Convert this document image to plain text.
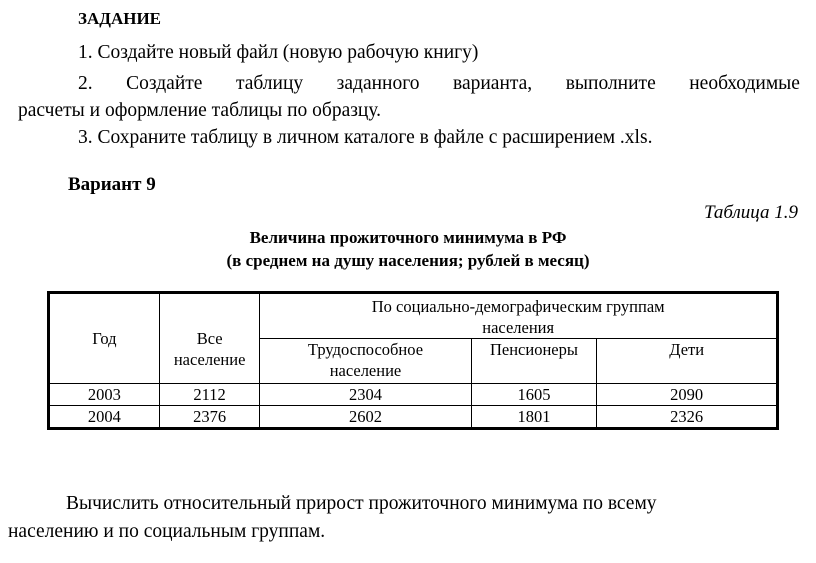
ЗАДАНИЕ
1. Создайте новый файл (новую рабочую книгу)
2. Создайте таблицу заданного варианта, выполните необходимые
расчеты и оформление таблицы по образцу.
3. Сохраните таблицу в личном каталоге в файле с расширением .xls.
Вариант 9
Таблица 1.9
Величина прожиточного минимума в РФ
(в среднем на душу населения; рублей в месяц)
Год	Все население	По социально-демографическим группам населения		
		Трудоспособное население	Пенсионеры	Дети
2003	2112	2304	1605	2090
2004	2376	2602	1801	2326
Вычислить относительный прирост прожиточного минимума по всему
населению и по социальным группам.
